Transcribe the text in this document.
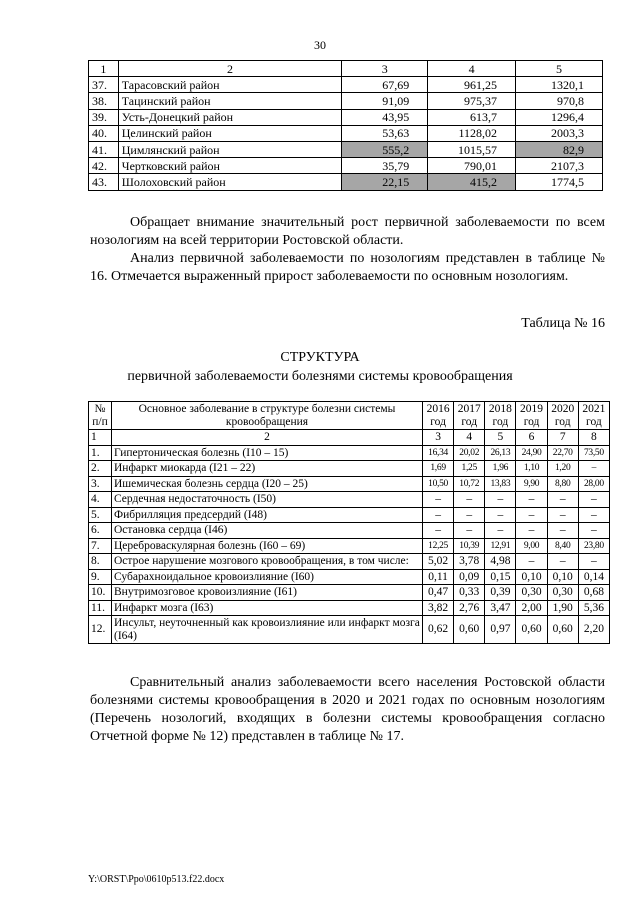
30
1	2	3	4	5
37.	Тарасовский район	67,69	961,25	1320,1
38.	Тацинский район	91,09	975,37	970,8
39.	Усть-Донецкий район	43,95	613,7	1296,4
40.	Целинский район	53,63	1128,02	2003,3
41.	Цимлянский район	555,2	1015,57	82,9
42.	Чертковский район	35,79	790,01	2107,3
43.	Шолоховский район	22,15	415,2	1774,5
Обращает внимание значительный рост первичной заболеваемости по всем нозологиям на всей территории Ростовской области.
Анализ первичной заболеваемости по нозологиям представлен в таблице № 16. Отмечается выраженный прирост заболеваемости по основным нозологиям.
Таблица № 16
СТРУКТУРА
первичной заболеваемости болезнями системы кровообращения
№ п/п	Основное заболевание в структуре болезни системы кровообращения	2016 год	2017 год	2018 год	2019 год	2020 год	2021 год
1	2	3	4	5	6	7	8
1.	Гипертоническая болезнь (I10 – 15)	16,34	20,02	26,13	24,90	22,70	73,50
2.	Инфаркт миокарда (I21 – 22)	1,69	1,25	1,96	1,10	1,20	–
3.	Ишемическая болезнь сердца (I20 – 25)	10,50	10,72	13,83	9,90	8,80	28,00
4.	Сердечная недостаточность (I50)	–	–	–	–	–	–
5.	Фибрилляция предсердий (I48)	–	–	–	–	–	–
6.	Остановка сердца (I46)	–	–	–	–	–	–
7.	Цереброваскулярная болезнь (I60 – 69)	12,25	10,39	12,91	9,00	8,40	23,80
8.	Острое нарушение мозгового кровообращения, в том числе:	5,02	3,78	4,98	–	–	–
9.	Субарахноидальное кровоизлияние (I60)	0,11	0,09	0,15	0,10	0,10	0,14
10.	Внутримозговое кровоизлияние (I61)	0,47	0,33	0,39	0,30	0,30	0,68
11.	Инфаркт мозга (I63)	3,82	2,76	3,47	2,00	1,90	5,36
12.	Инсульт, неуточненный как кровоизлияние или инфаркт мозга (I64)	0,62	0,60	0,97	0,60	0,60	2,20
Сравнительный анализ заболеваемости всего населения Ростовской области болезнями системы кровообращения в 2020 и 2021 годах по основным нозологиям (Перечень нозологий, входящих в болезни системы кровообращения согласно Отчетной форме № 12) представлен в таблице № 17.
Y:\ORST\Ppo\0610p513.f22.docx
